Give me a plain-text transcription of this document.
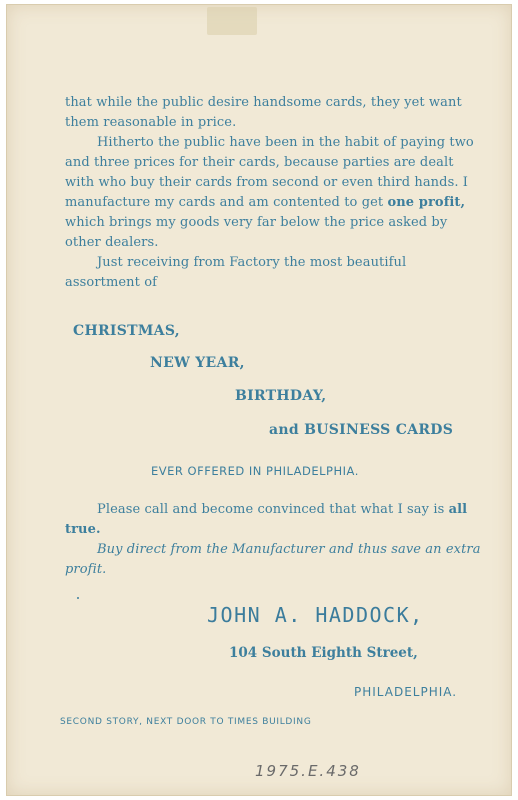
that while the public desire handsome cards, they yet want them reasonable in price.

Hitherto the public have been in the habit of paying two and three prices for their cards, because parties are dealt with who buy their cards from second or even third hands. I manufacture my cards and am contented to get one profit, which brings my goods very far below the price asked by other dealers.

Just receiving from Factory the most beautiful assortment of

CHRISTMAS,
NEW YEAR,
BIRTHDAY,
and BUSINESS CARDS
EVER OFFERED IN PHILADELPHIA.

Please call and become convinced that what I say is all true.

Buy direct from the Manufacturer and thus save an extra profit.

JOHN A. HADDOCK,
104 South Eighth Street,
PHILADELPHIA.
SECOND STORY, NEXT DOOR TO TIMES BUILDING
1975.E.438
